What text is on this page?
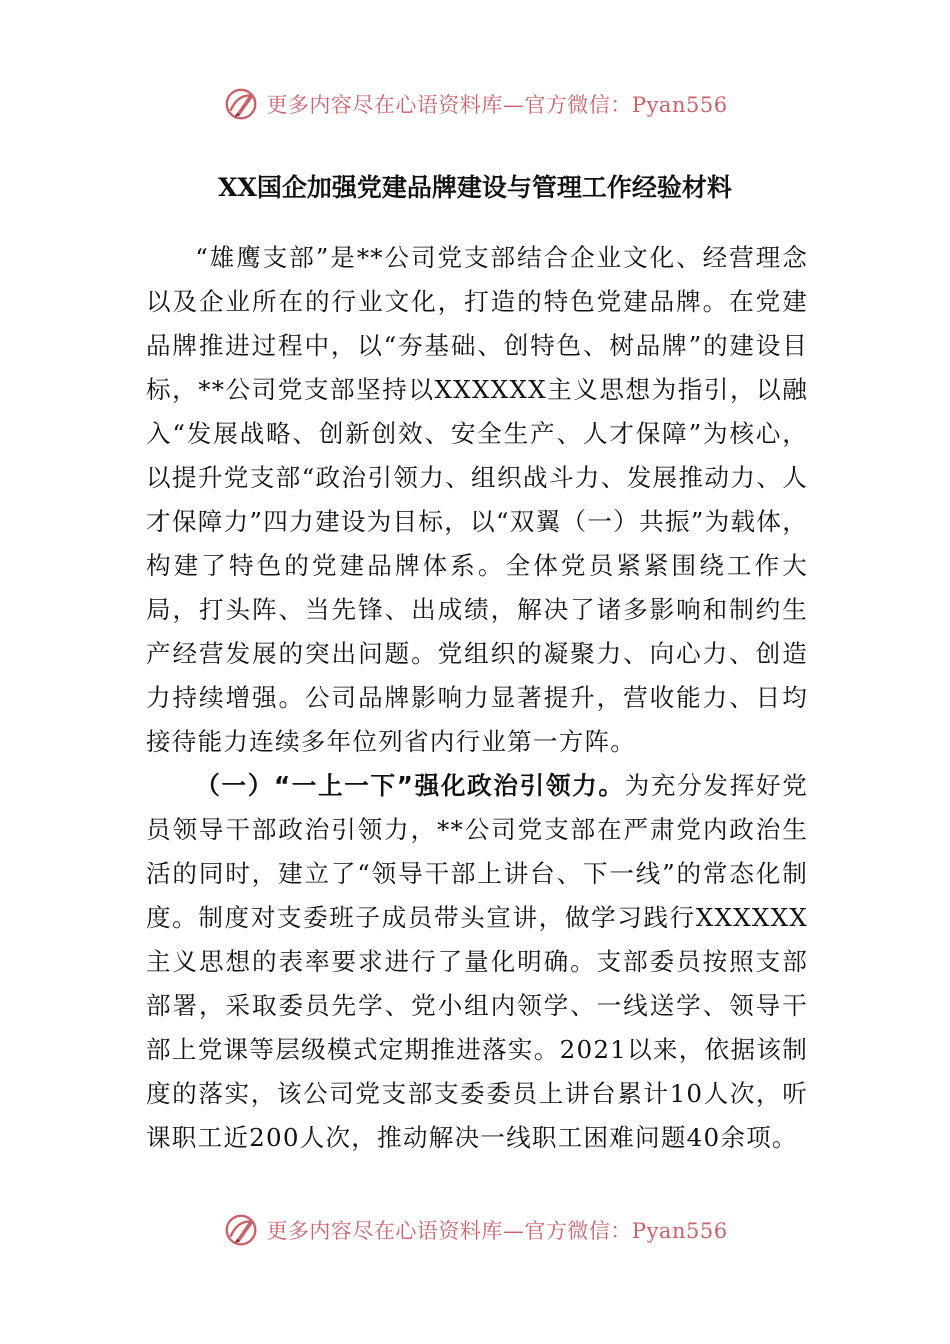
更多内容尽在心语资料库—官方微信：Pyan556
XX国企加强党建品牌建设与管理工作经验材料

“雄鹰支部”是**公司党支部结合企业文化、经营理念以及企业所在的行业文化，打造的特色党建品牌。在党建品牌推进过程中，以“夯基础、创特色、树品牌”的建设目标，**公司党支部坚持以XXXXXX主义思想为指引，以融入“发展战略、创新创效、安全生产、人才保障”为核心，以提升党支部“政治引领力、组织战斗力、发展推动力、人才保障力”四力建设为目标，以“双翼（一）共振”为载体，构建了特色的党建品牌体系。全体党员紧紧围绕工作大局，打头阵、当先锋、出成绩，解决了诸多影响和制约生产经营发展的突出问题。党组织的凝聚力、向心力、创造力持续增强。公司品牌影响力显著提升，营收能力、日均接待能力连续多年位列省内行业第一方阵。

（一）“一上一下”强化政治引领力。为充分发挥好党员领导干部政治引领力，**公司党支部在严肃党内政治生活的同时，建立了“领导干部上讲台、下一线”的常态化制度。制度对支委班子成员带头宣讲，做学习践行XXXXXX主义思想的表率要求进行了量化明确。支部委员按照支部部署，采取委员先学、党小组内领学、一线送学、领导干部上党课等层级模式定期推进落实。2021以来，依据该制度的落实，该公司党支部支委委员上讲台累计10人次，听课职工近200人次，推动解决一线职工困难问题40余项。

更多内容尽在心语资料库—官方微信：Pyan556
